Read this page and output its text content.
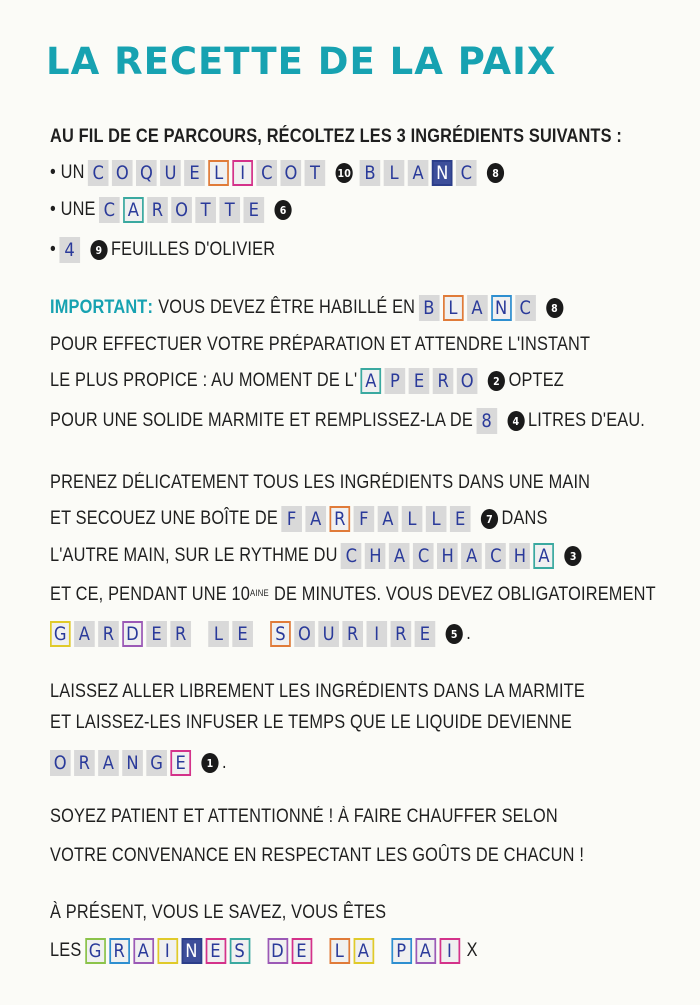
LA RECETTE DE LA PAIX
AU FIL DE CE PARCOURS, RÉCOLTEZ LES 3 INGRÉDIENTS SUIVANTS :
• UN C O Q U E L I C O T	10 B L A N C	8
• UNE C A R O T T E	6
• 4	9 FEUILLES D'OLIVIER
IMPORTANT : VOUS DEVEZ ÊTRE HABILLÉ EN B L A N C	8
POUR EFFECTUER VOTRE PRÉPARATION ET ATTENDRE L'INSTANT
LE PLUS PROPICE : AU MOMENT DE L' A P E R O	2 OPTEZ
POUR UNE SOLIDE MARMITE ET REMPLISSEZ-LA DE 8	4 LITRES D'EAU.
PRENEZ DÉLICATEMENT TOUS LES INGRÉDIENTS DANS UNE MAIN
ET SECOUEZ UNE BOÎTE DE F A R F A L L E	7 DANS
L'AUTRE MAIN, SUR LE RYTHME DU C H A C H A C H A	3
ET CE, PENDANT UNE $10^{AINE}$ DE MINUTES. VOUS DEVEZ OBLIGATOIREMENT
G A R D E R L E S O U R I R E	5 .
LAISSEZ ALLER LIBREMENT LES INGRÉDIENTS DANS LA MARMITE
ET LAISSEZ-LES INFUSER LE TEMPS QUE LE LIQUIDE DEVIENNE
O R A N G E	1 .
SOYEZ PATIENT ET ATTENTIONNÉ ! À FAIRE CHAUFFER SELON
VOTRE CONVENANCE EN RESPECTANT LES GOÛTS DE CHACUN !
À PRÉSENT, VOUS LE SAVEZ, VOUS ÊTES
LES G R A I N E S D E L A P A I X
